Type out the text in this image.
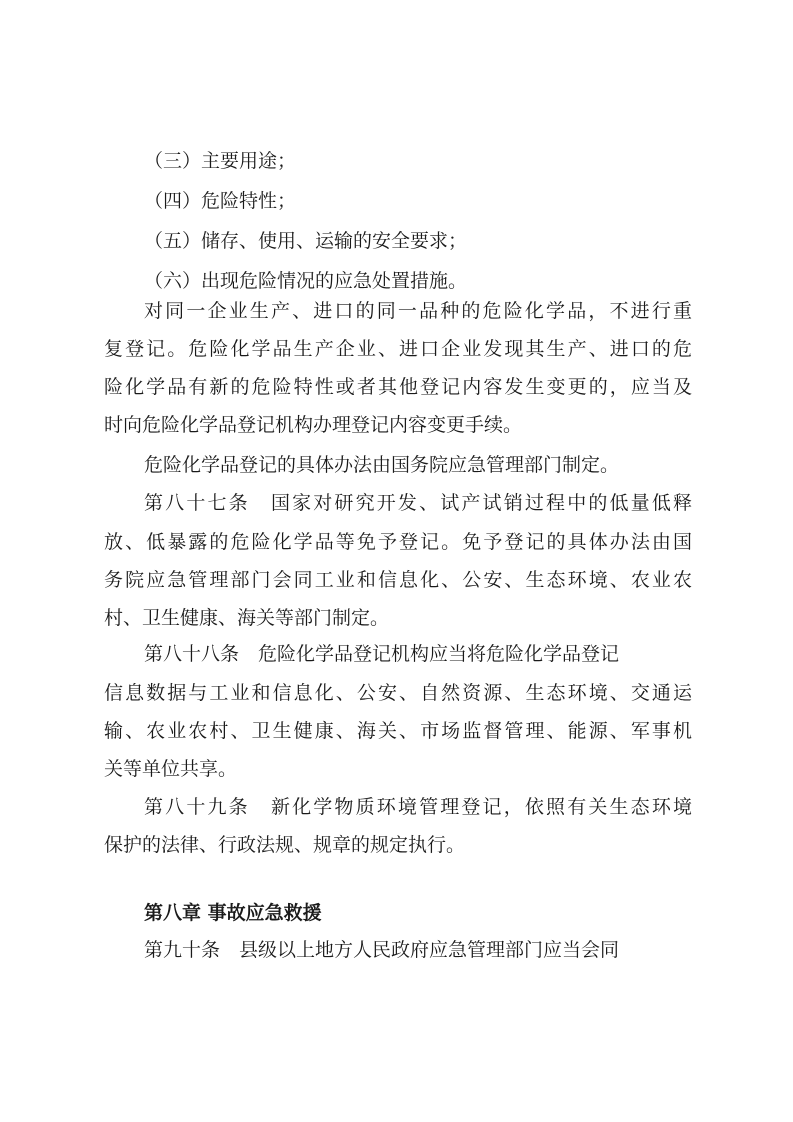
（三）主要用途；
（四）危险特性；
（五）储存、使用、运输的安全要求；
（六）出现危险情况的应急处置措施。
对同一企业生产、进口的同一品种的危险化学品，不进行重
复登记。危险化学品生产企业、进口企业发现其生产、进口的危
险化学品有新的危险特性或者其他登记内容发生变更的，应当及
时向危险化学品登记机构办理登记内容变更手续。
危险化学品登记的具体办法由国务院应急管理部门制定。
第八十七条　国家对研究开发、试产试销过程中的低量低释
放、低暴露的危险化学品等免予登记。免予登记的具体办法由国
务院应急管理部门会同工业和信息化、公安、生态环境、农业农
村、卫生健康、海关等部门制定。
第八十八条　危险化学品登记机构应当将危险化学品登记
信息数据与工业和信息化、公安、自然资源、生态环境、交通运
输、农业农村、卫生健康、海关、市场监督管理、能源、军事机
关等单位共享。
第八十九条　新化学物质环境管理登记，依照有关生态环境
保护的法律、行政法规、规章的规定执行。
第八章 事故应急救援
第九十条　县级以上地方人民政府应急管理部门应当会同
